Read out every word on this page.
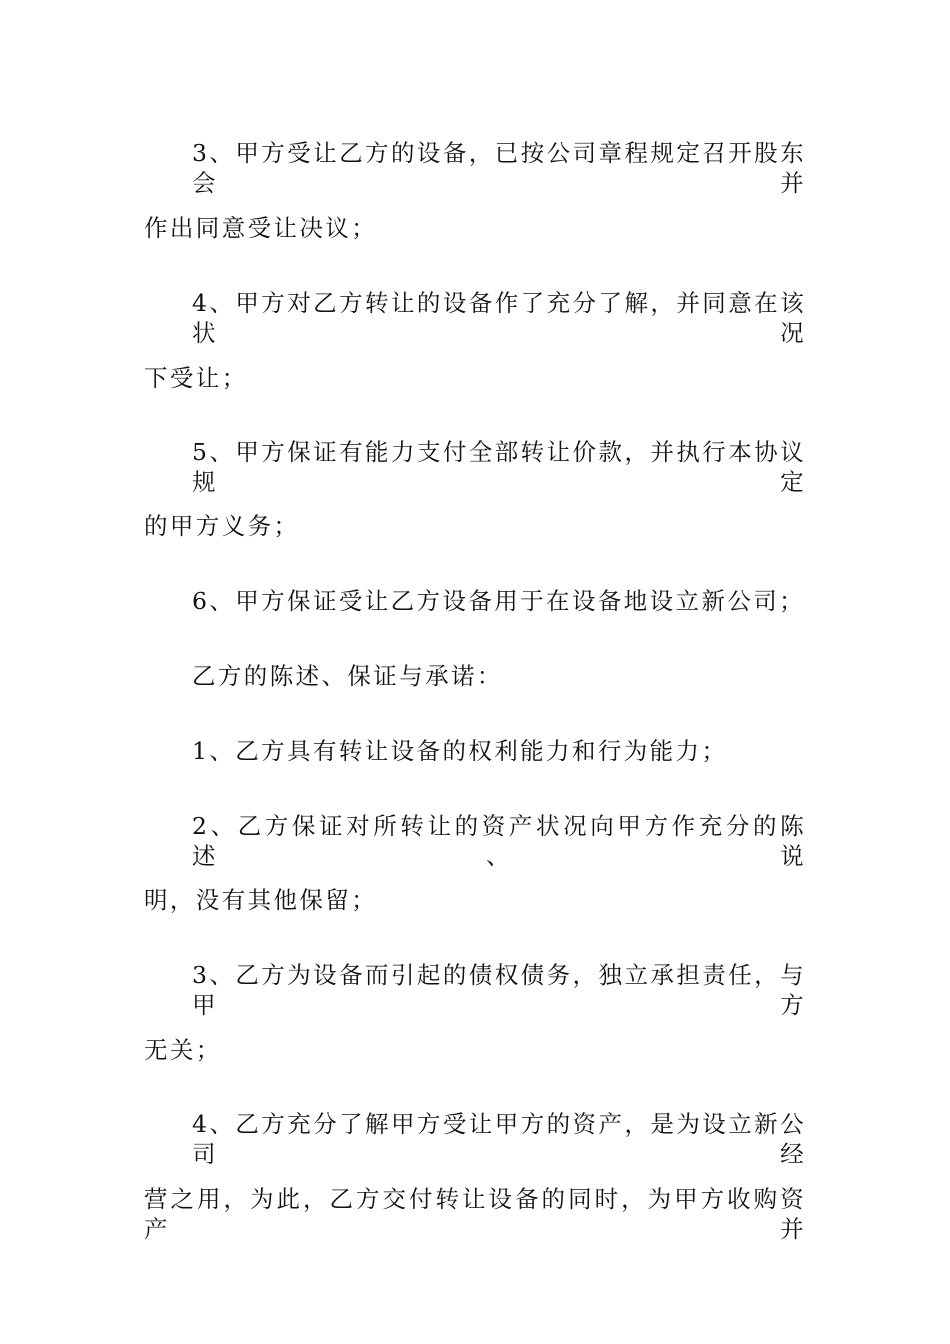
3、甲方受让乙方的设备，已按公司章程规定召开股东会并
作出同意受让决议；
4、甲方对乙方转让的设备作了充分了解，并同意在该状况
下受让；
5、甲方保证有能力支付全部转让价款，并执行本协议规定
的甲方义务；
6、甲方保证受让乙方设备用于在设备地设立新公司；
乙方的陈述、保证与承诺：
1、乙方具有转让设备的权利能力和行为能力；
2、乙方保证对所转让的资产状况向甲方作充分的陈述、说
明，没有其他保留；
3、乙方为设备而引起的债权债务，独立承担责任，与甲方
无关；
4、乙方充分了解甲方受让甲方的资产，是为设立新公司经
营之用，为此，乙方交付转让设备的同时，为甲方收购资产并
